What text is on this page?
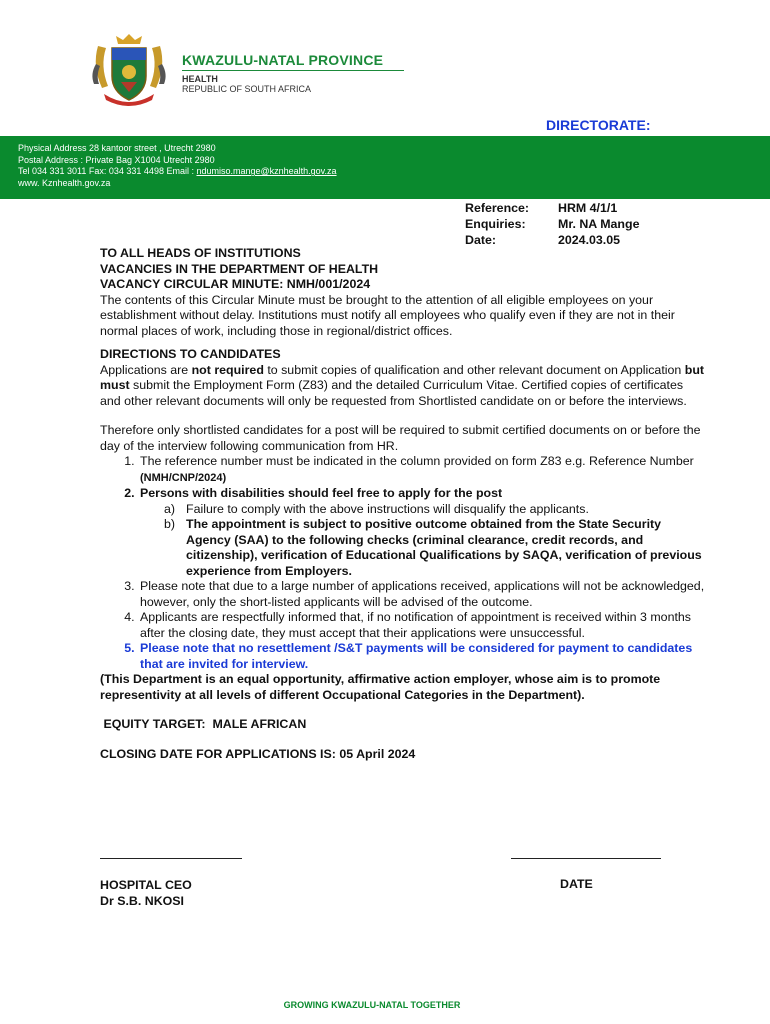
KWAZULU-NATAL PROVINCE
HEALTH
REPUBLIC OF SOUTH AFRICA
DIRECTORATE:
Physical Address 28 kantoor street , Utrecht 2980
Postal Address : Private Bag X1004 Utrecht 2980
Tel 034 331 3011 Fax: 034 331 4498 Email : ndumiso.mange@kznhealth.gov.za
www. Kznhealth.gov.za
Reference:	HRM 4/1/1
Enquiries:	Mr. NA Mange
Date:	2024.03.05

TO ALL HEADS OF INSTITUTIONS

VACANCIES IN THE DEPARTMENT OF HEALTH

VACANCY CIRCULAR MINUTE: NMH/001/2024

The contents of this Circular Minute must be brought to the attention of all eligible employees on your establishment without delay. Institutions must notify all employees who qualify even if they are not in their normal places of work, including those in regional/district offices.

DIRECTIONS TO CANDIDATES

Applications are not required to submit copies of qualification and other relevant document on Application but must submit the Employment Form (Z83) and the detailed Curriculum Vitae. Certified copies of certificates and other relevant documents will only be requested from Shortlisted candidate on or before the interviews.

Therefore only shortlisted candidates for a post will be required to submit certified documents on or before the day of the interview following communication from HR.

1. The reference number must be indicated in the column provided on form Z83 e.g. Reference Number (NMH/CNP/2024)
2. Persons with disabilities should feel free to apply for the post
a) Failure to comply with the above instructions will disqualify the applicants.
b) The appointment is subject to positive outcome obtained from the State Security Agency (SAA) to the following checks (criminal clearance, credit records, and citizenship), verification of Educational Qualifications by SAQA, verification of previous experience from Employers.
3. Please note that due to a large number of applications received, applications will not be acknowledged, however, only the short-listed applicants will be advised of the outcome.
4. Applicants are respectfully informed that, if no notification of appointment is received within 3 months after the closing date, they must accept that their applications were unsuccessful.
5. Please note that no resettlement /S&T payments will be considered for payment to candidates that are invited for interview.

(This Department is an equal opportunity, affirmative action employer, whose aim is to promote representivity at all levels of different Occupational Categories in the Department).

EQUITY TARGET:  MALE AFRICAN

CLOSING DATE FOR APPLICATIONS IS: 05 April 2024

HOSPITAL CEO
Dr S.B. NKOSI
DATE
GROWING KWAZULU-NATAL TOGETHER
